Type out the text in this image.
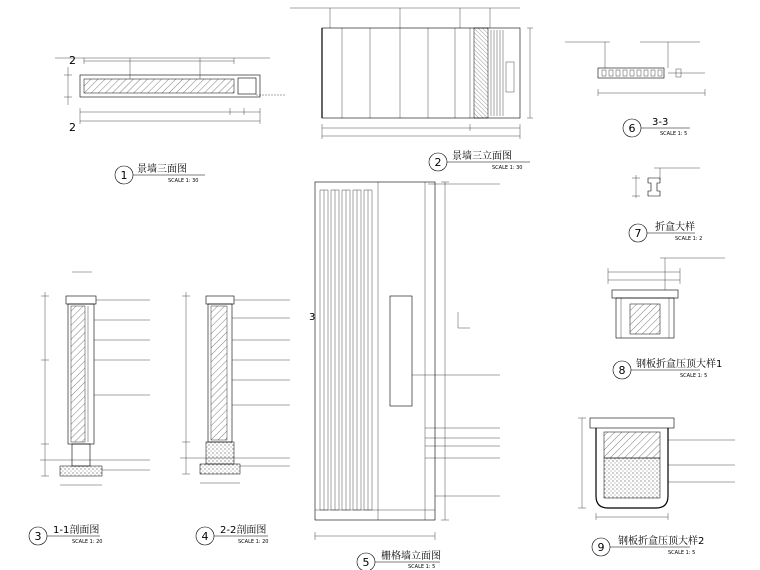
2
2
1 景墙三面图
SCALE 1: 30
2 景墙三立面图
SCALE 1: 30
6 3-3
SCALE 1: 5
7 折盒大样
SCALE 1: 2
8 钢板折盒压顶大样1
SCALE 1: 5
9 钢板折盒压顶大样2
SCALE 1: 5
3 1-1剖面图
SCALE 1: 20	4 2-2剖面图
SCALE 1: 20
3
5 栅格墙立面图
SCALE 1: 5
